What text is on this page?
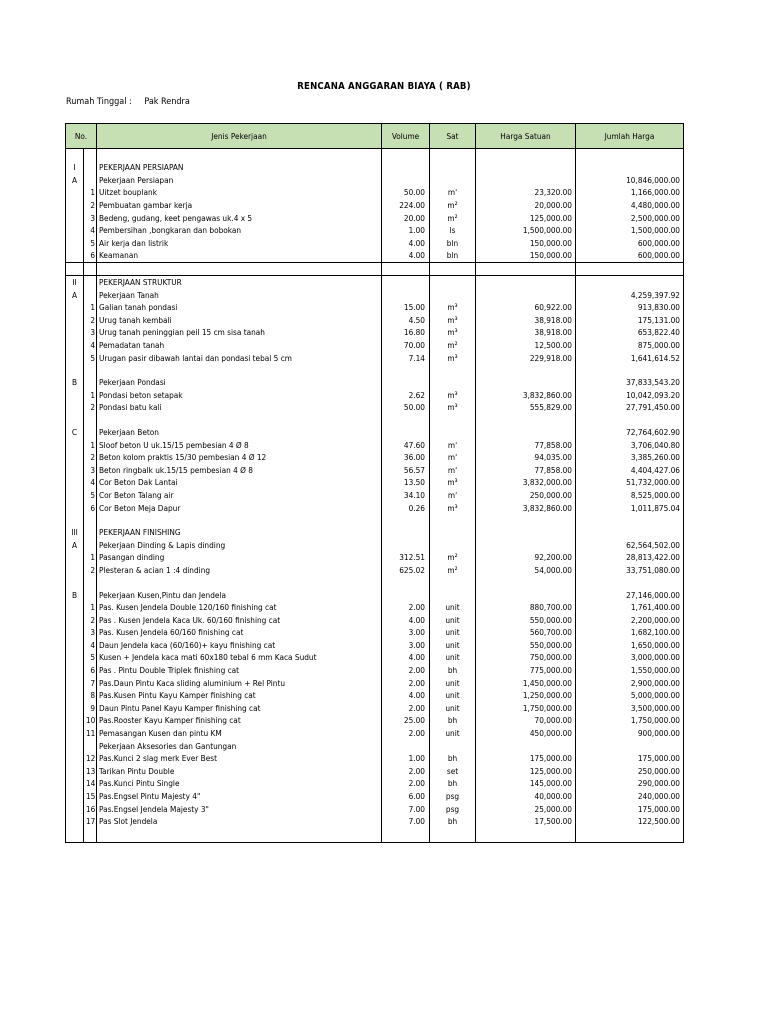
RENCANA ANGGARAN BIAYA ( RAB)
Rumah Tinggal : Pak Rendra
No.		Jenis Pekerjaan	Volume	Sat	Harga Satuan	Jumlah Harga

I		PEKERJAAN PERSIAPAN				
A		Pekerjaan Persiapan				10,846,000.00
	1	Uitzet bouplank	50.00	m'	23,320.00	1,166,000.00
	2	Pembuatan gambar kerja	224.00	m²	20,000.00	4,480,000.00
	3	Bedeng, gudang, keet pengawas uk.4 x 5	20.00	m²	125,000.00	2,500,000.00
	4	Pembersihan ,bongkaran dan bobokan	1.00	ls	1,500,000.00	1,500,000.00
	5	Air kerja dan listrik	4.00	bln	150,000.00	600,000.00
	6	Keamanan	4.00	bln	150,000.00	600,000.00

II		PEKERJAAN STRUKTUR				
A		Pekerjaan Tanah				4,259,397.92
	1	Galian tanah pondasi	15.00	m³	60,922.00	913,830.00
	2	Urug tanah kembali	4.50	m³	38,918.00	175,131.00
	3	Urug tanah peninggian peil 15 cm sisa tanah	16.80	m³	38,918.00	653,822.40
	4	Pemadatan tanah	70.00	m²	12,500.00	875,000.00
	5	Urugan pasir dibawah lantai dan pondasi tebal 5 cm	7.14	m³	229,918.00	1,641,614.52

B		Pekerjaan Pondasi				37,833,543.20
	1	Pondasi beton setapak	2.62	m³	3,832,860.00	10,042,093.20
	2	Pondasi batu kali	50.00	m³	555,829.00	27,791,450.00

C		Pekerjaan Beton				72,764,602.90
	1	Sloof beton U uk.15/15 pembesian 4 Ø 8	47.60	m'	77,858.00	3,706,040.80
	2	Beton kolom praktis 15/30 pembesian 4 Ø 12	36.00	m'	94,035.00	3,385,260.00
	3	Beton ringbalk uk.15/15 pembesian 4 Ø 8	56.57	m'	77,858.00	4,404,427.06
	4	Cor Beton Dak Lantai	13.50	m³	3,832,000.00	51,732,000.00
	5	Cor Beton Talang air	34.10	m'	250,000.00	8,525,000.00
	6	Cor Beton Meja Dapur	0.26	m³	3,832,860.00	1,011,875.04

III		PEKERJAAN FINISHING				
A		Pekerjaan Dinding & Lapis dinding				62,564,502.00
	1	Pasangan dinding	312.51	m²	92,200.00	28,813,422.00
	2	Plesteran & acian 1 :4 dinding	625.02	m²	54,000.00	33,751,080.00

B		Pekerjaan Kusen,Pintu dan Jendela				27,146,000.00
	1	Pas. Kusen Jendela Double 120/160 finishing cat	2.00	unit	880,700.00	1,761,400.00
	2	Pas . Kusen Jendela Kaca Uk. 60/160 finishing cat	4.00	unit	550,000.00	2,200,000.00
	3	Pas. Kusen Jendela 60/160 finishing cat	3.00	unit	560,700.00	1,682,100.00
	4	Daun Jendela kaca (60/160)+ kayu finishing cat	3.00	unit	550,000.00	1,650,000.00
	5	Kusen + Jendela kaca mati 60x180 tebal 6 mm Kaca Sudut	4.00	unit	750,000.00	3,000,000.00
	6	Pas . Pintu Double Triplek finishing cat	2.00	bh	775,000.00	1,550,000.00
	7	Pas.Daun Pintu Kaca sliding aluminium + Rel Pintu	2.00	unit	1,450,000.00	2,900,000.00
	8	Pas.Kusen Pintu Kayu Kamper finishing cat	4.00	unit	1,250,000.00	5,000,000.00
	9	Daun Pintu Panel Kayu Kamper finishing cat	2.00	unit	1,750,000.00	3,500,000.00
	10	Pas.Rooster Kayu Kamper finishing cat	25.00	bh	70,000.00	1,750,000.00
	11	Pemasangan Kusen dan pintu KM	2.00	unit	450,000.00	900,000.00
		Pekerjaan Aksesories dan Gantungan				
	12	Pas.Kunci 2 slag merk Ever Best	1.00	bh	175,000.00	175,000.00
	13	Tarikan Pintu Double	2.00	set	125,000.00	250,000.00
	14	Pas.Kunci Pintu Single	2.00	bh	145,000.00	290,000.00
	15	Pas.Engsel Pintu Majesty 4"	6.00	psg	40,000.00	240,000.00
	16	Pas.Engsel Jendela Majesty 3"	7.00	psg	25,000.00	175,000.00
	17	Pas Slot Jendela	7.00	bh	17,500.00	122,500.00
